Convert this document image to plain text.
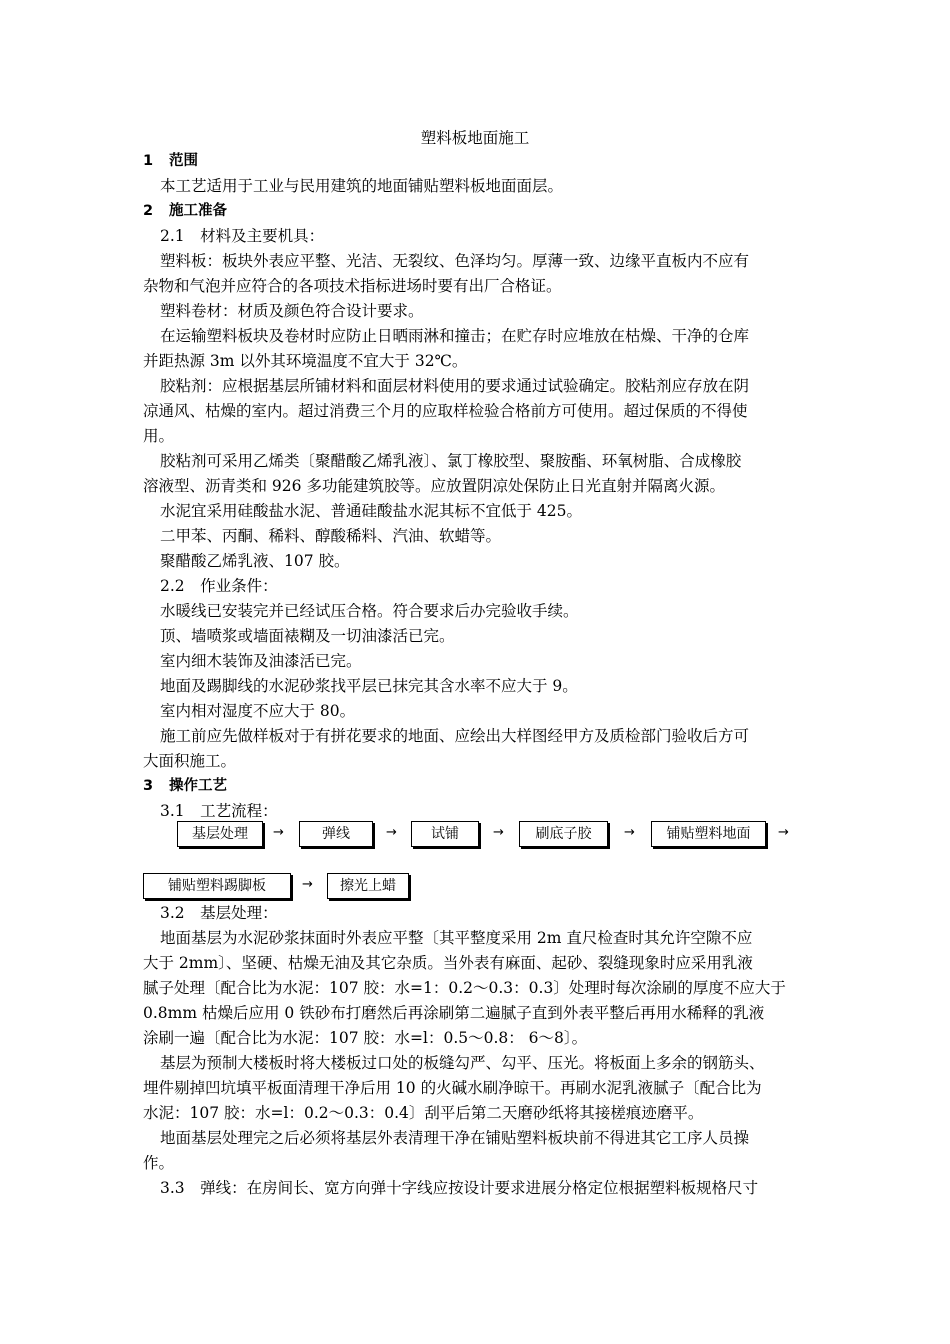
塑料板地面施工
1 范围
本工艺适用于工业与民用建筑的地面铺贴塑料板地面面层。
2 施工准备
2.1　材料及主要机具：
塑料板：板块外表应平整、光洁、无裂纹、色泽均匀。厚薄一致、边缘平直板内不应有
杂物和气泡并应符合的各项技术指标进场时要有出厂合格证。
塑料卷材：材质及颜色符合设计要求。
在运输塑料板块及卷材时应防止日晒雨淋和撞击；在贮存时应堆放在枯燥、干净的仓库
并距热源 3m 以外其环境温度不宜大于 32℃。
胶粘剂：应根据基层所铺材料和面层材料使用的要求通过试验确定。胶粘剂应存放在阴
凉通风、枯燥的室内。超过消费三个月的应取样检验合格前方可使用。超过保质的不得使
用。
胶粘剂可采用乙烯类〔聚醋酸乙烯乳液〕、氯丁橡胶型、聚胺酯、环氧树脂、合成橡胶
溶液型、沥青类和 926 多功能建筑胶等。应放置阴凉处保防止日光直射并隔离火源。
水泥宜采用硅酸盐水泥、普通硅酸盐水泥其标不宜低于 425。
二甲苯、丙酮、稀料、醇酸稀料、汽油、软蜡等。
聚醋酸乙烯乳液、107 胶。
2.2　作业条件：
水暖线已安装完并已经试压合格。符合要求后办完验收手续。
顶、墙喷浆或墙面裱糊及一切油漆活已完。
室内细木装饰及油漆活已完。
地面及踢脚线的水泥砂浆找平层已抹完其含水率不应大于 9。
室内相对湿度不应大于 80。
施工前应先做样板对于有拼花要求的地面、应绘出大样图经甲方及质检部门验收后方可
大面积施工。
3 操作工艺
3.1　工艺流程：
基层处理	→	弹线	→	试铺	→	刷底子胶	→	铺贴塑料地面	→
铺贴塑料踢脚板	→	擦光上蜡
3.2　基层处理：
地面基层为水泥砂浆抹面时外表应平整〔其平整度采用 2m 直尺检查时其允许空隙不应
大于 2mm〕、坚硬、枯燥无油及其它杂质。当外表有麻面、起砂、裂缝现象时应采用乳液
腻子处理〔配合比为水泥：107 胶：水=1：0.2～0.3：0.3〕处理时每次涂刷的厚度不应大于
0.8mm 枯燥后应用 0 铁砂布打磨然后再涂刷第二遍腻子直到外表平整后再用水稀释的乳液
涂刷一遍〔配合比为水泥：107 胶：水=l：0.5～0.8： 6～8〕。
基层为预制大楼板时将大楼板过口处的板缝勾严、勾平、压光。将板面上多余的钢筋头、
埋件剔掉凹坑填平板面清理干净后用 10 的火碱水刷净晾干。再刷水泥乳液腻子〔配合比为
水泥：107 胶：水=l：0.2～0.3：0.4〕刮平后第二天磨砂纸将其接槎痕迹磨平。
地面基层处理完之后必须将基层外表清理干净在铺贴塑料板块前不得进其它工序人员操
作。
3.3　弹线：在房间长、宽方向弹十字线应按设计要求进展分格定位根据塑料板规格尺寸
